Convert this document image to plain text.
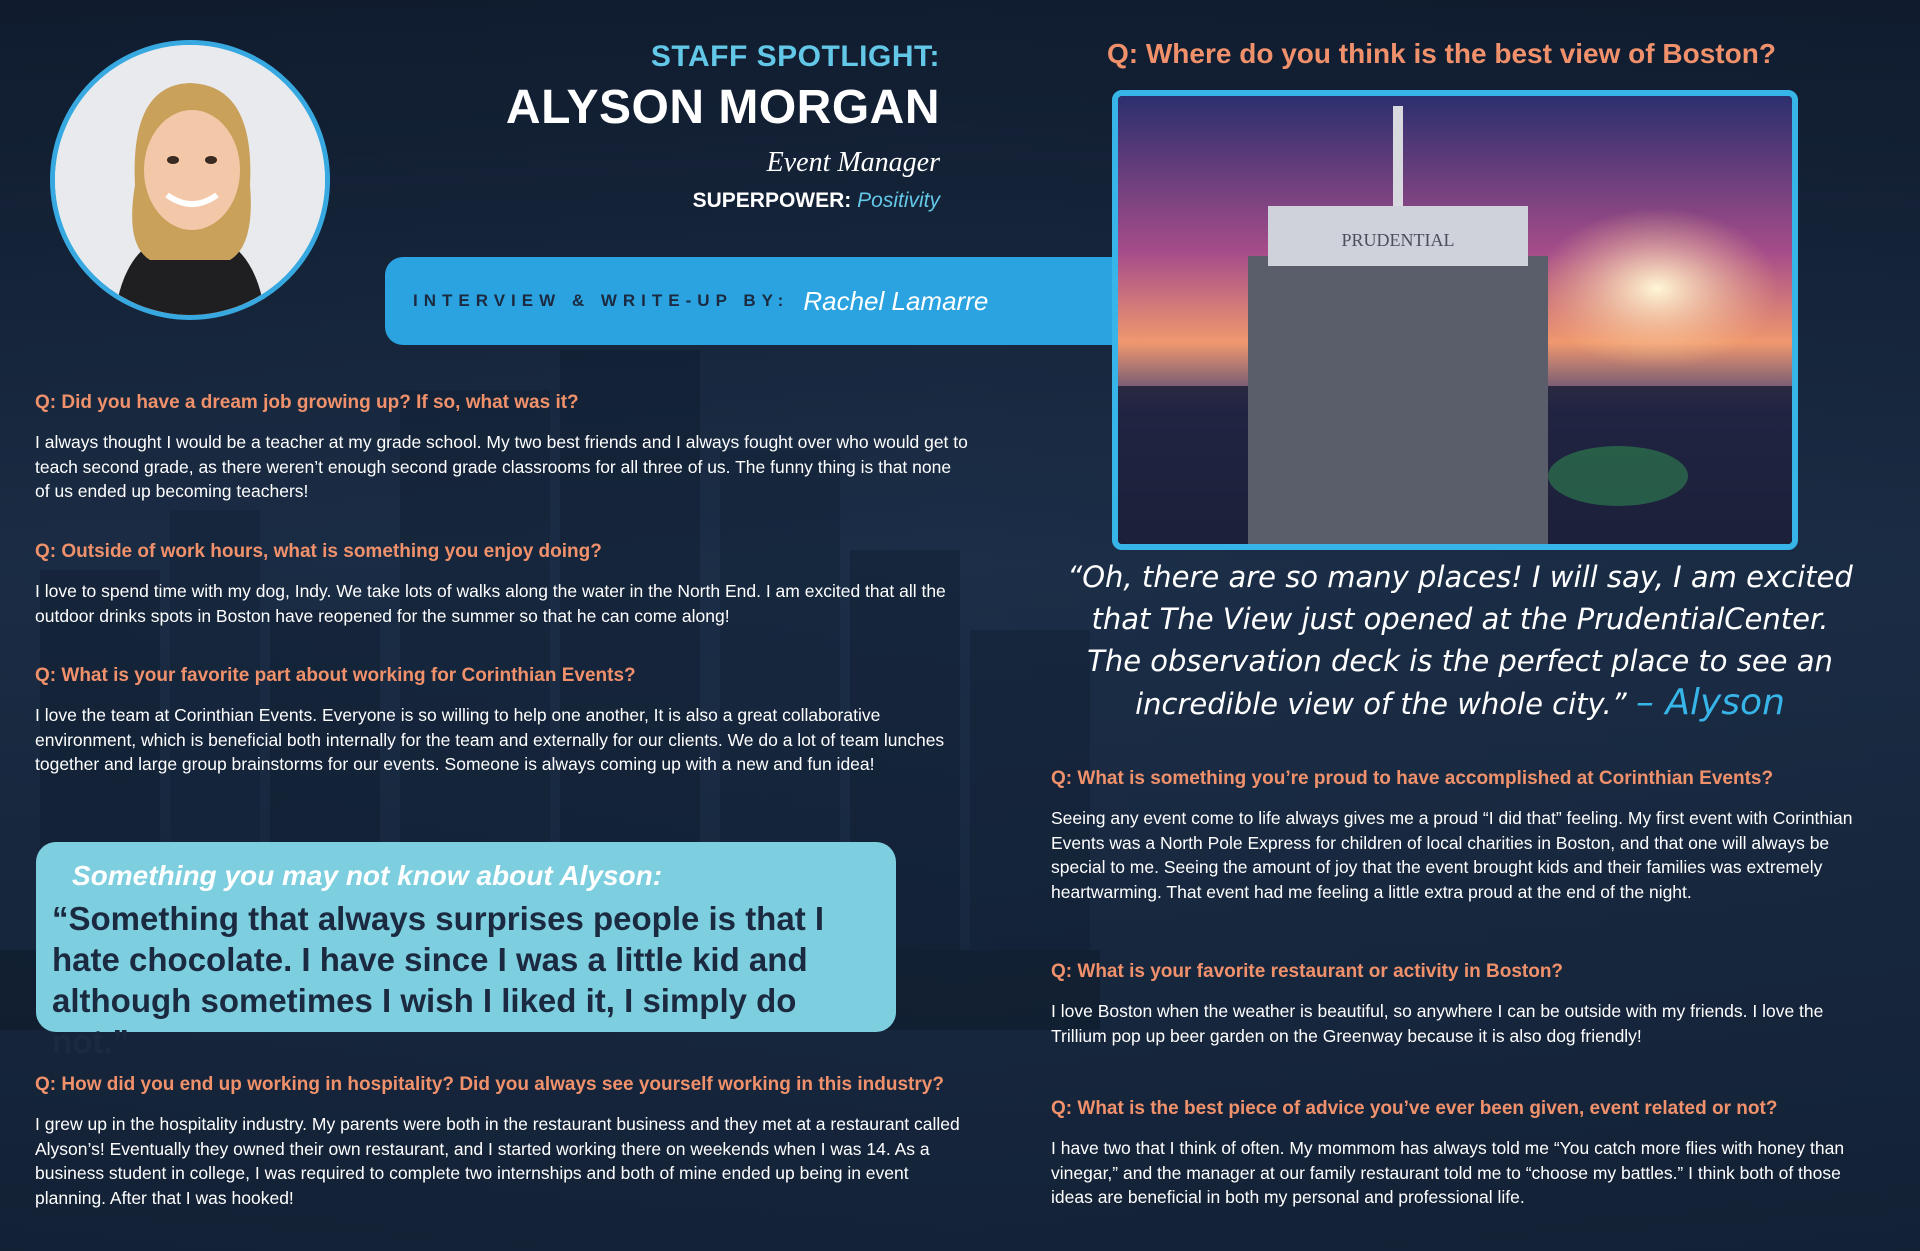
STAFF SPOTLIGHT:
ALYSON MORGAN
Event Manager
SUPERPOWER: Positivity
INTERVIEW & WRITE-UP BY: Rachel Lamarre
Q: Where do you think is the best view of Boston?
PRUDENTIAL
“Oh, there are so many places! I will say, I am excited that The View just opened at the PrudentialCenter. The observation deck is the perfect place to see an incredible view of the whole city.” – Alyson
Q: Did you have a dream job growing up? If so, what was it?
I always thought I would be a teacher at my grade school. My two best friends and I always fought over who would get to teach second grade, as there weren’t enough second grade classrooms for all three of us. The funny thing is that none of us ended up becoming teachers!
Q: Outside of work hours, what is something you enjoy doing?
I love to spend time with my dog, Indy. We take lots of walks along the water in the North End. I am excited that all the outdoor drinks spots in Boston have reopened for the summer so that he can come along!
Q: What is your favorite part about working for Corinthian Events?
I love the team at Corinthian Events. Everyone is so willing to help one another, It is also a great collaborative environment, which is beneficial both internally for the team and externally for our clients. We do a lot of team lunches together and large group brainstorms for our events. Someone is always coming up with a new and fun idea!
Something you may not know about Alyson:
“Something that always surprises people is that I hate chocolate. I have since I was a little kid and although sometimes I wish I liked it, I simply do not.”
Q: How did you end up working in hospitality? Did you always see yourself working in this industry?
I grew up in the hospitality industry. My parents were both in the restaurant business and they met at a restaurant called Alyson’s! Eventually they owned their own restaurant, and I started working there on weekends when I was 14. As a business student in college, I was required to complete two internships and both of mine ended up being in event planning. After that I was hooked!
Q: What is something you’re proud to have accomplished at Corinthian Events?
Seeing any event come to life always gives me a proud “I did that” feeling. My first event with Corinthian Events was a North Pole Express for children of local charities in Boston, and that one will always be special to me. Seeing the amount of joy that the event brought kids and their families was extremely heartwarming. That event had me feeling a little extra proud at the end of the night.
Q: What is your favorite restaurant or activity in Boston?
I love Boston when the weather is beautiful, so anywhere I can be outside with my friends. I love the Trillium pop up beer garden on the Greenway because it is also dog friendly!
Q: What is the best piece of advice you’ve ever been given, event related or not?
I have two that I think of often. My mommom has always told me “You catch more flies with honey than vinegar,” and the manager at our family restaurant told me to “choose my battles.” I think both of those ideas are beneficial in both my personal and professional life.
